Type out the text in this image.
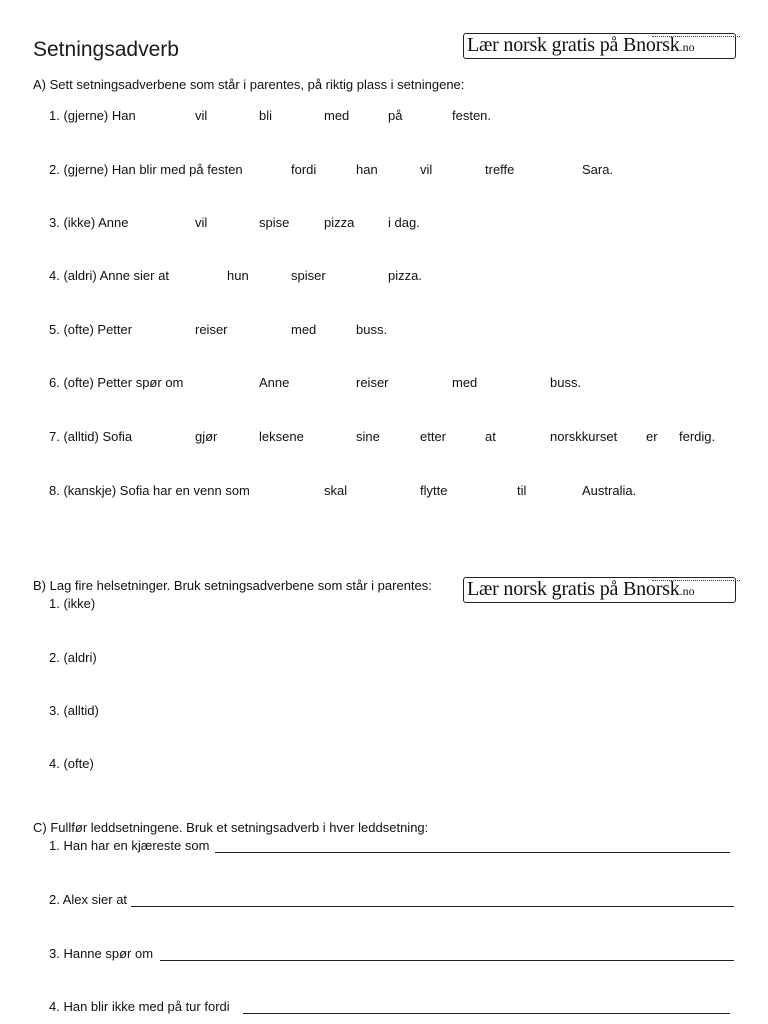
Setningsadverb	Lær norsk gratis på Bnorsk.no
A) Sett setningsadverbene som står i parentes, på riktig plass i setningene:
1. (gjerne) Han	vil	bli	med	på	festen.
2. (gjerne) Han blir med på festen	fordi	han	vil	treffe	Sara.
3. (ikke) Anne	vil	spise	pizza	i dag.
4. (aldri) Anne sier at	hun	spiser	pizza.
5. (ofte) Petter	reiser	med	buss.
6. (ofte) Petter spør om	Anne	reiser	med	buss.
7. (alltid) Sofia	gjør	leksene	sine	etter	at	norskkurset er ferdig.
8. (kanskje) Sofia har en venn som	skal	flytte	til	Australia.
B) Lag fire helsetninger. Bruk setningsadverbene som står i parentes: Lær norsk gratis på Bnorsk.no
1. (ikke)
2. (aldri)
3. (alltid)
4. (ofte)
C) Fullfør leddsetningene. Bruk et setningsadverb i hver leddsetning:
1. Han har en kjæreste som
2. Alex sier at
3. Hanne spør om
4. Han blir ikke med på tur fordi
